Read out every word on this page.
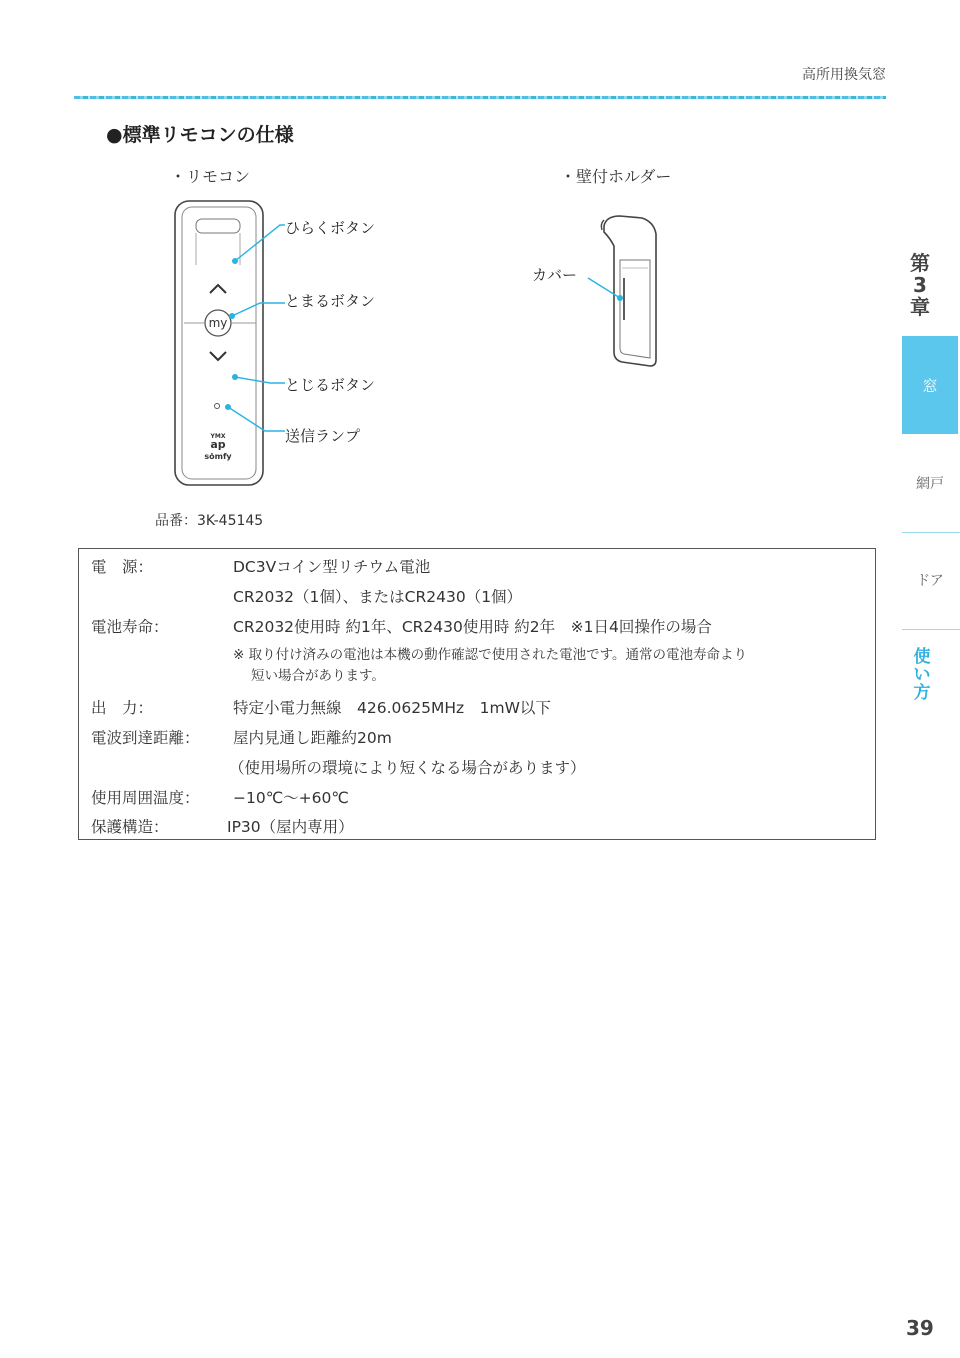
高所用換気窓
●標準リモコンの仕様
・リモコン
my
YMX
ap
sȯmfy
ひらくボタン
とまるボタン
とじるボタン
送信ランプ
品番：3K-45145
・壁付ホルダー
カバー
電　源：	DC3Vコイン型リチウム電池
CR2032（1個）、またはCR2430（1個）
電池寿命：	CR2032使用時 約1年、CR2430使用時 約2年　※1日4回操作の場合
※ 取り付け済みの電池は本機の動作確認で使用された電池です。通常の電池寿命より
短い場合があります。
出　力：	特定小電力無線　426.0625MHz　1mW以下
電波到達距離： 屋内見通し距離約20m
（使用場所の環境により短くなる場合があります）
使用周囲温度： −10℃〜+60℃
保護構造：	IP30（屋内専用）
第
3
章
窓
網戸
ドア
使
い
方
39
